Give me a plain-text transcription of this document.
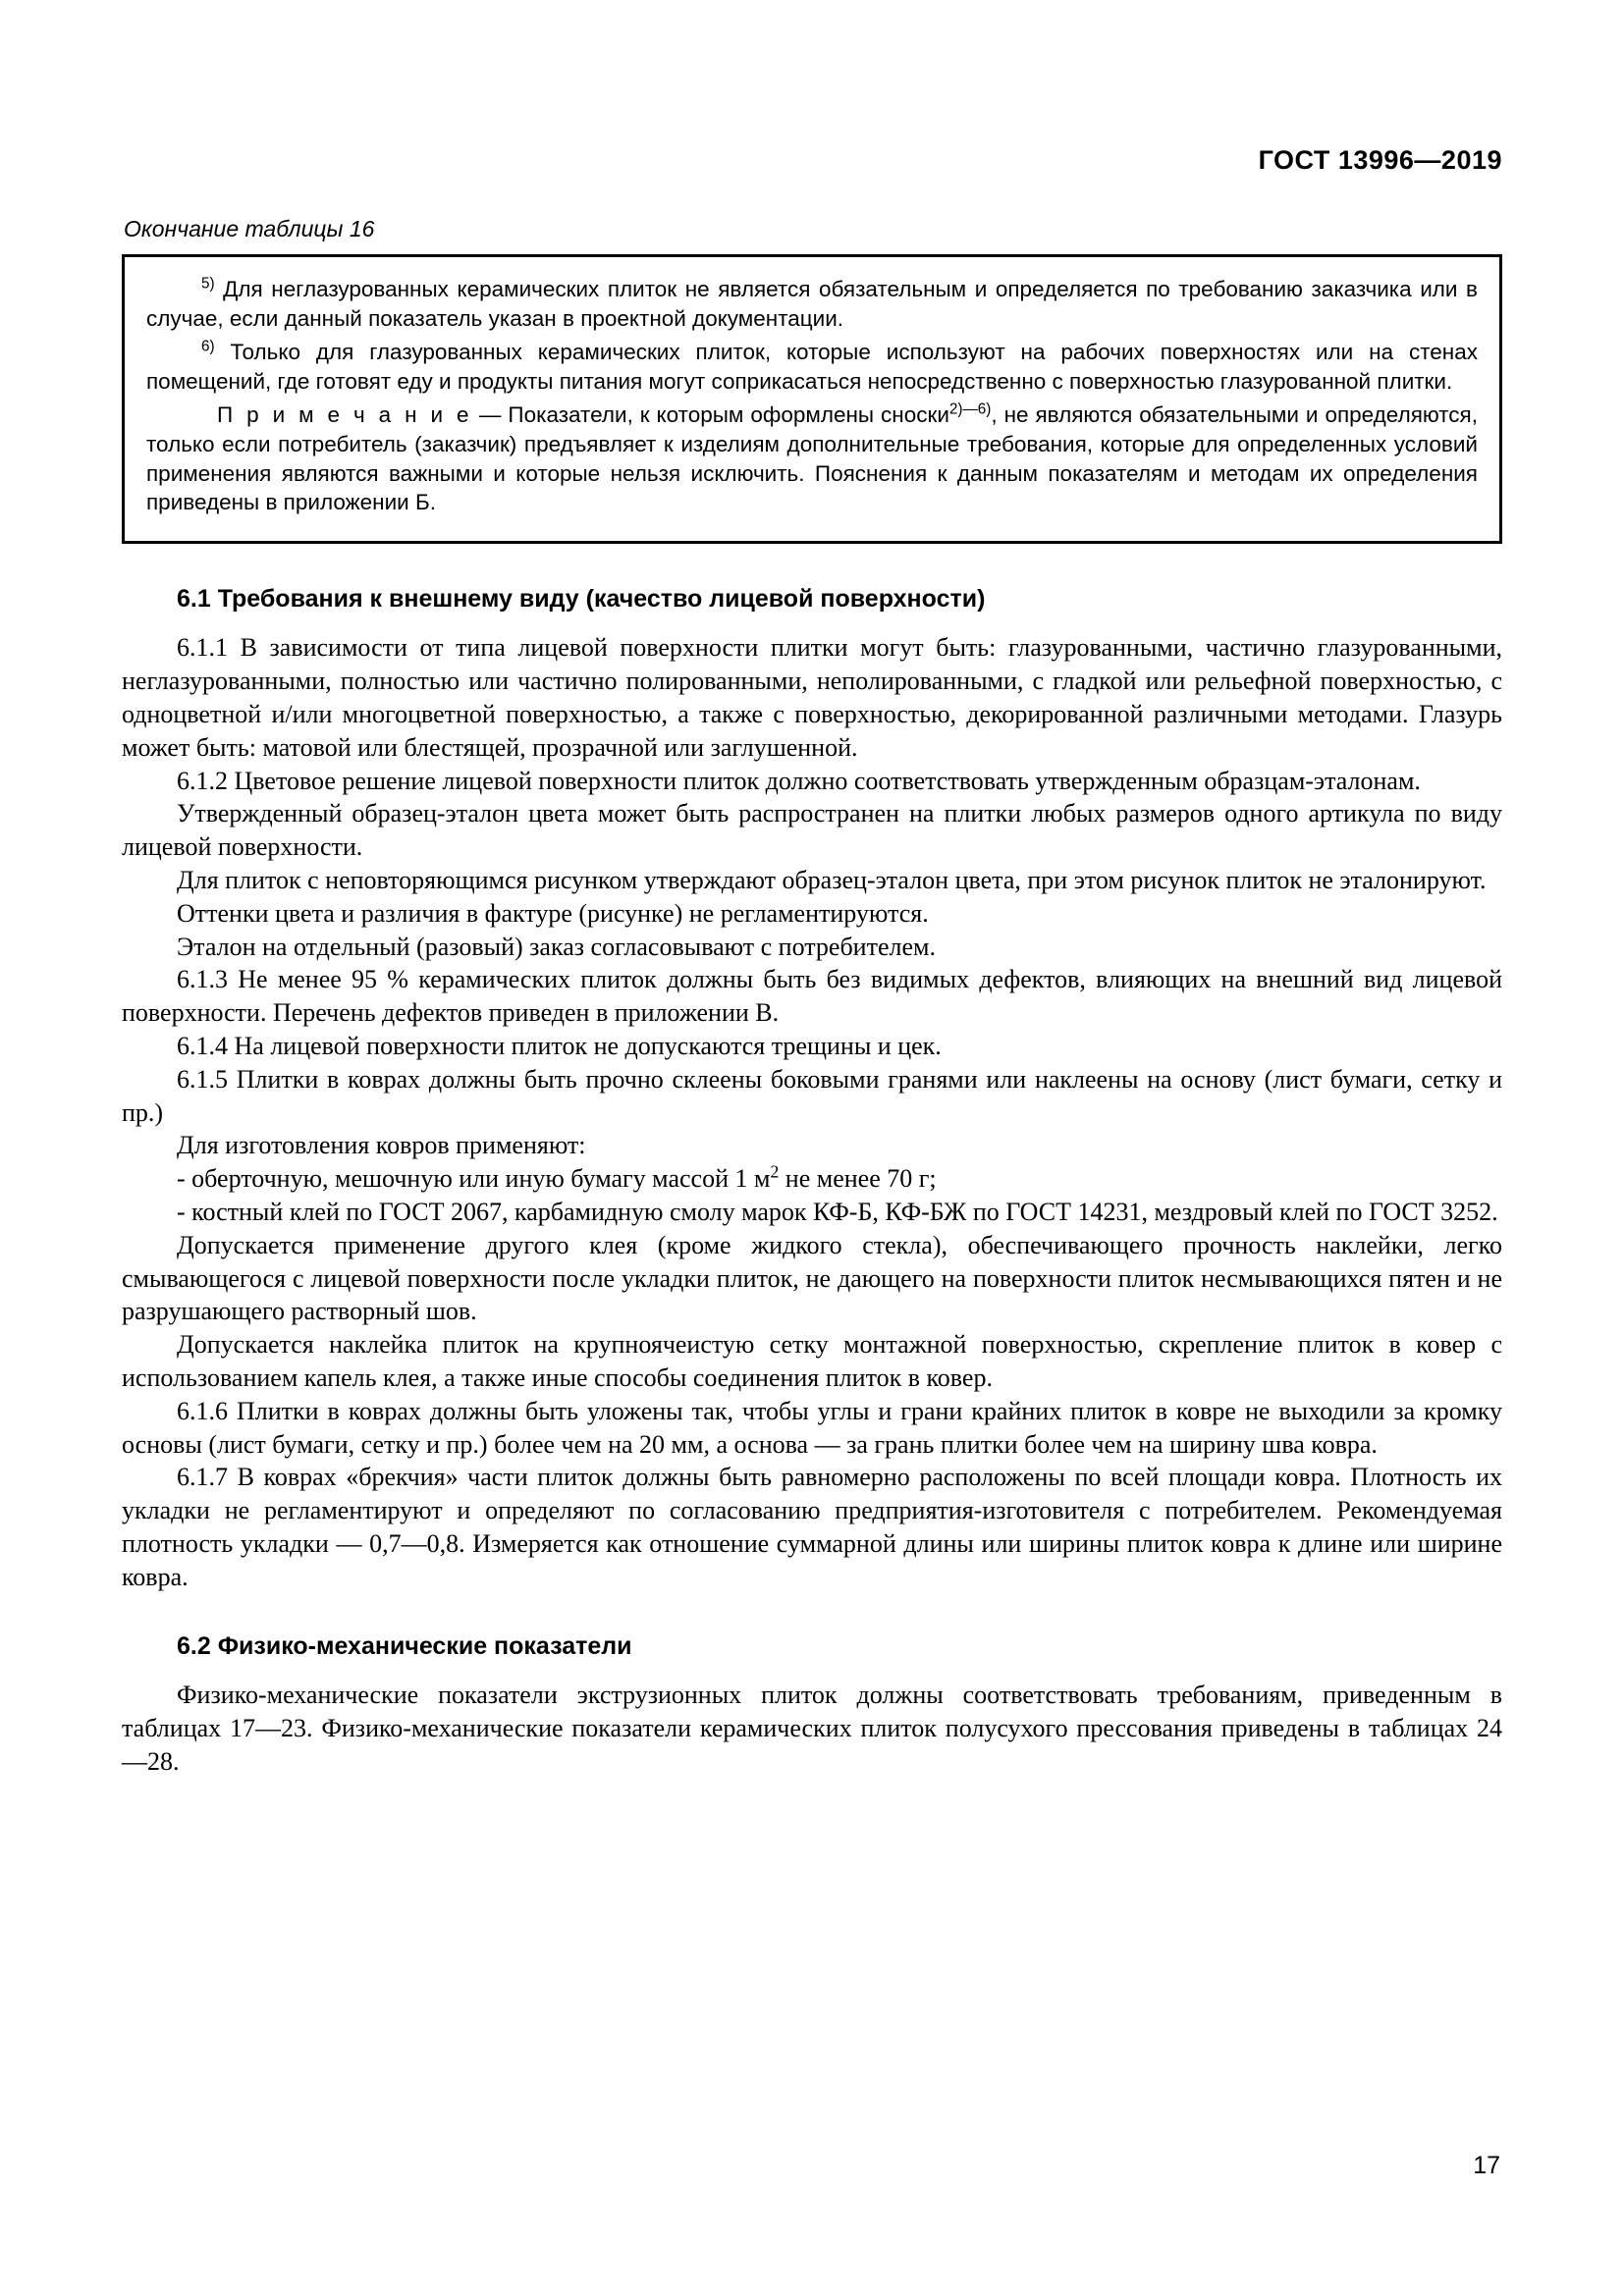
ГОСТ 13996—2019
Окончание таблицы 16

$^{5)}$ Для неглазурованных керамических плиток не является обязательным и определяется по требованию заказчика или в случае, если данный показатель указан в проектной документации.

$^{6)}$ Только для глазурованных керамических плиток, которые используют на рабочих поверхностях или на стенах помещений, где готовят еду и продукты питания могут соприкасаться непосредственно с поверхностью глазурованной плитки.

П р и м е ч а н и е — Показатели, к которым оформлены сноски$^{2)—6)}$, не являются обязательными и определяются, только если потребитель (заказчик) предъявляет к изделиям дополнительные требования, которые для определенных условий применения являются важными и которые нельзя исключить. Пояснения к данным показателям и методам их определения приведены в приложении Б.

6.1 Требования к внешнему виду (качество лицевой поверхности)

6.1.1 В зависимости от типа лицевой поверхности плитки могут быть: глазурованными, частично глазурованными, неглазурованными, полностью или частично полированными, неполированными, с гладкой или рельефной поверхностью, с одноцветной и/или многоцветной поверхностью, а также с поверхностью, декорированной различными методами. Глазурь может быть: матовой или блестящей, прозрачной или заглушенной.

6.1.2 Цветовое решение лицевой поверхности плиток должно соответствовать утвержденным образцам-эталонам.

Утвержденный образец-эталон цвета может быть распространен на плитки любых размеров одного артикула по виду лицевой поверхности.

Для плиток с неповторяющимся рисунком утверждают образец-эталон цвета, при этом рисунок плиток не эталонируют.

Оттенки цвета и различия в фактуре (рисунке) не регламентируются.

Эталон на отдельный (разовый) заказ согласовывают с потребителем.

6.1.3 Не менее 95 % керамических плиток должны быть без видимых дефектов, влияющих на внешний вид лицевой поверхности. Перечень дефектов приведен в приложении В.

6.1.4 На лицевой поверхности плиток не допускаются трещины и цек.

6.1.5 Плитки в коврах должны быть прочно склеены боковыми гранями или наклеены на основу (лист бумаги, сетку и пр.)

Для изготовления ковров применяют:

- оберточную, мешочную или иную бумагу массой 1 $м^2$ не менее 70 г;

- костный клей по ГОСТ 2067, карбамидную смолу марок КФ-Б, КФ-БЖ по ГОСТ 14231, мездровый клей по ГОСТ 3252.

Допускается применение другого клея (кроме жидкого стекла), обеспечивающего прочность наклейки, легко смывающегося с лицевой поверхности после укладки плиток, не дающего на поверхности плиток несмывающихся пятен и не разрушающего растворный шов.

Допускается наклейка плиток на крупноячеистую сетку монтажной поверхностью, скрепление плиток в ковер с использованием капель клея, а также иные способы соединения плиток в ковер.

6.1.6 Плитки в коврах должны быть уложены так, чтобы углы и грани крайних плиток в ковре не выходили за кромку основы (лист бумаги, сетку и пр.) более чем на 20 мм, а основа — за грань плитки более чем на ширину шва ковра.

6.1.7 В коврах «брекчия» части плиток должны быть равномерно расположены по всей площади ковра. Плотность их укладки не регламентируют и определяют по согласованию предприятия-изготовителя с потребителем. Рекомендуемая плотность укладки — 0,7—0,8. Измеряется как отношение суммарной длины или ширины плиток ковра к длине или ширине ковра.

6.2 Физико-механические показатели

Физико-механические показатели экструзионных плиток должны соответствовать требованиям, приведенным в таблицах 17—23. Физико-механические показатели керамических плиток полусухого прессования приведены в таблицах 24—28.

17
